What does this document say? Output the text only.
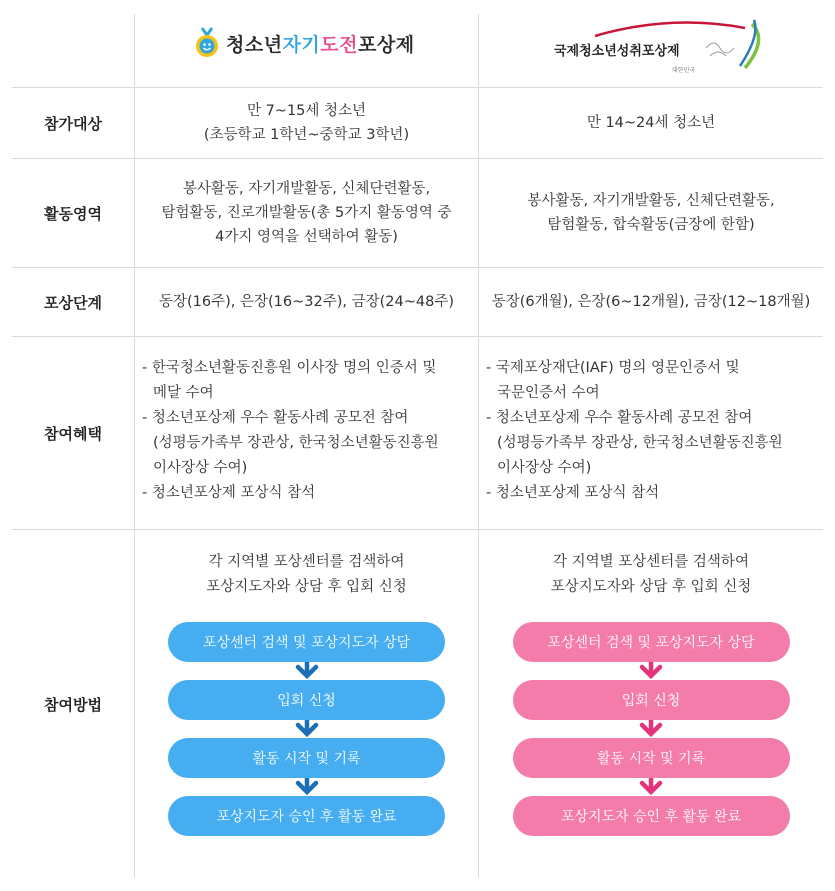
청소년 자기 도전 포상제	국제청소년성취포상제
대한민국
참가대상
활동영역
포상단계
참여혜택
참여방법
만 7~15세 청소년
(초등학교 1학년~중학교 3학년)
만 14~24세 청소년
봉사활동, 자기개발활동, 신체단련활동,
탐험활동, 진로개발활동(총 5가지 활동영역 중
4가지 영역을 선택하여 활동)
봉사활동, 자기개발활동, 신체단련활동,
탐험활동, 합숙활동(금장에 한함)
동장(16주), 은장(16~32주), 금장(24~48주)	동장(6개월), 은장(6~12개월), 금장(12~18개월)
- 한국청소년활동진흥원 이사장 명의 인증서 및
메달 수여
- 청소년포상제 우수 활동사례 공모전 참여
(성평등가족부 장관상, 한국청소년활동진흥원
이사장상 수여)
- 청소년포상제 포상식 참석
- 국제포상재단(IAF) 명의 영문인증서 및
국문인증서 수여
- 청소년포상제 우수 활동사례 공모전 참여
(성평등가족부 장관상, 한국청소년활동진흥원
이사장상 수여)
- 청소년포상제 포상식 참석
각 지역별 포상센터를 검색하여
포상지도자와 상담 후 입회 신청
포상센터 검색 및 포상지도자 상담
입회 신청
활동 시작 및 기록
포상지도자 승인 후 활동 완료
각 지역별 포상센터를 검색하여
포상지도자와 상담 후 입회 신청
포상센터 검색 및 포상지도자 상담
입회 신청
활동 시작 및 기록
포상지도자 승인 후 활동 완료
